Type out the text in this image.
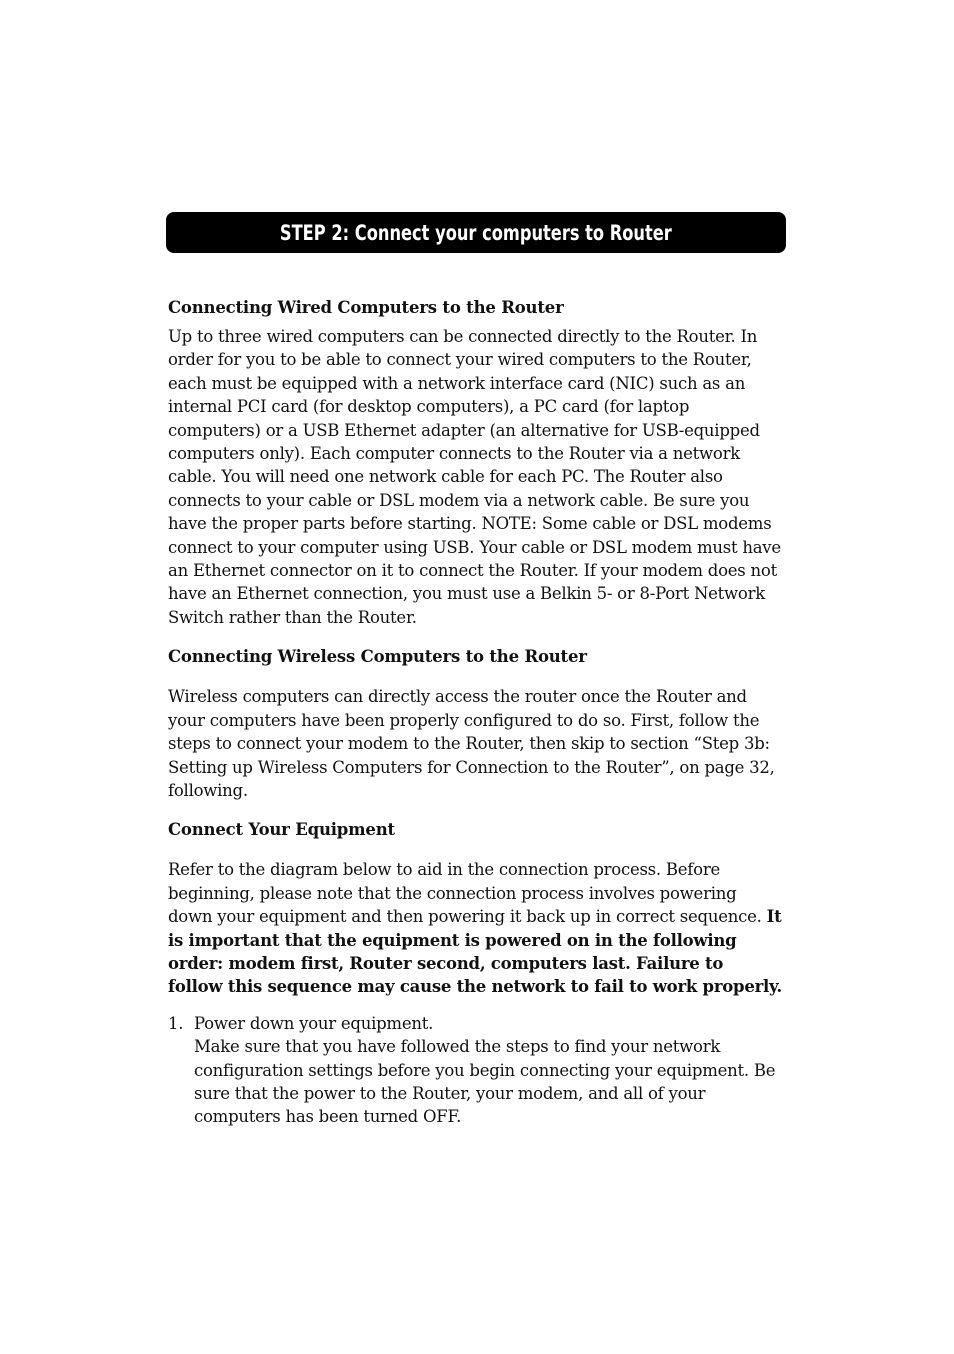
STEP 2: Connect your computers to Router
Connecting Wired Computers to the Router

Up to three wired computers can be connected directly to the Router. In order for you to be able to connect your wired computers to the Router, each must be equipped with a network interface card (NIC) such as an internal PCI card (for desktop computers), a PC card (for laptop computers) or a USB Ethernet adapter (an alternative for USB-equipped computers only). Each computer connects to the Router via a network cable. You will need one network cable for each PC. The Router also connects to your cable or DSL modem via a network cable. Be sure you have the proper parts before starting. NOTE: Some cable or DSL modems connect to your computer using USB. Your cable or DSL modem must have an Ethernet connector on it to connect the Router. If your modem does not have an Ethernet connection, you must use a Belkin 5- or 8-Port Network Switch rather than the Router.

Connecting Wireless Computers to the Router

Wireless computers can directly access the router once the Router and your computers have been properly configured to do so. First, follow the steps to connect your modem to the Router, then skip to section “Step 3b: Setting up Wireless Computers for Connection to the Router”, on page 32, following.

Connect Your Equipment

Refer to the diagram below to aid in the connection process. Before beginning, please note that the connection process involves powering down your equipment and then powering it back up in correct sequence. It is important that the equipment is powered on in the following order: modem first, Router second, computers last. Failure to follow this sequence may cause the network to fail to work properly.

1. Power down your equipment.
Make sure that you have followed the steps to find your network configuration settings before you begin connecting your equipment. Be sure that the power to the Router, your modem, and all of your computers has been turned OFF.
